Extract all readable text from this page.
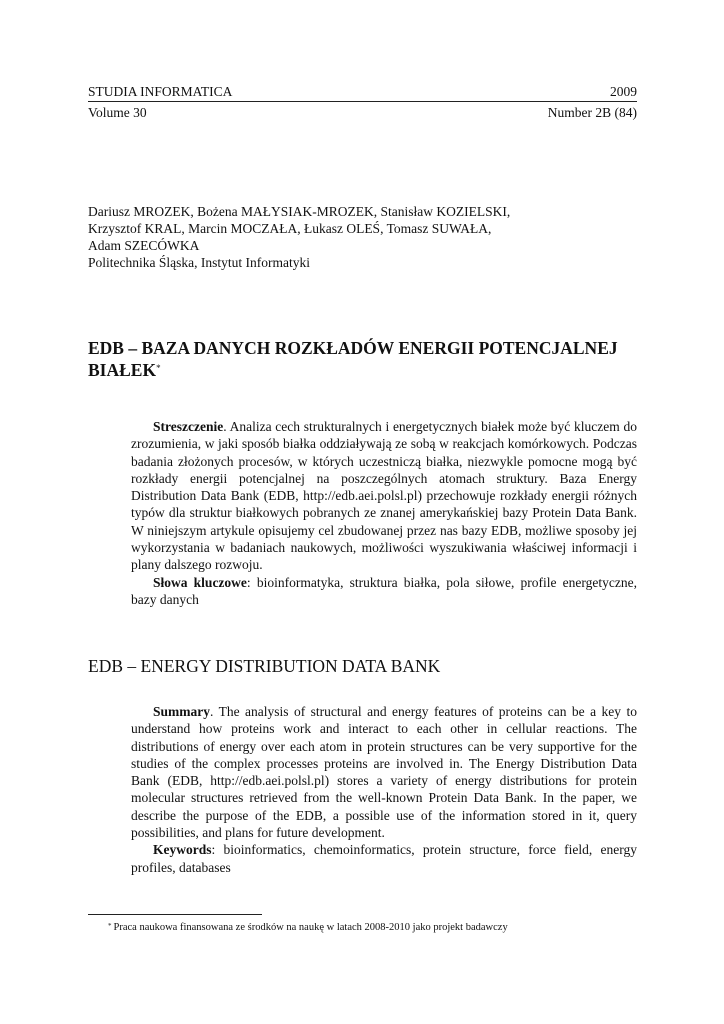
STUDIA INFORMATICA	2009
Volume 30	Number 2B (84)
Dariusz MROZEK, Bożena MAŁYSIAK-MROZEK, Stanisław KOZIELSKI,
Krzysztof KRAL, Marcin MOCZAŁA, Łukasz OLEŚ, Tomasz SUWAŁA,
Adam SZECÓWKA
Politechnika Śląska, Instytut Informatyki
EDB – BAZA DANYCH ROZKŁADÓW ENERGII POTENCJALNEJ BIAŁEK*

Streszczenie. Analiza cech strukturalnych i energetycznych białek może być kluczem do zrozumienia, w jaki sposób białka oddziaływają ze sobą w reakcjach komórkowych. Podczas badania złożonych procesów, w których uczestniczą białka, niezwykle pomocne mogą być rozkłady energii potencjalnej na poszczególnych atomach struktury. Baza Energy Distribution Data Bank (EDB, http://edb.aei.polsl.pl) przechowuje rozkłady energii różnych typów dla struktur białkowych pobranych ze znanej amerykańskiej bazy Protein Data Bank. W niniejszym artykule opisujemy cel zbudowanej przez nas bazy EDB, możliwe sposoby jej wykorzystania w badaniach naukowych, możliwości wyszukiwania właściwej informacji i plany dalszego rozwoju.

Słowa kluczowe: bioinformatyka, struktura białka, pola siłowe, profile energetyczne, bazy danych

EDB – ENERGY DISTRIBUTION DATA BANK

Summary. The analysis of structural and energy features of proteins can be a key to understand how proteins work and interact to each other in cellular reactions. The distributions of energy over each atom in protein structures can be very supportive for the studies of the complex processes proteins are involved in. The Energy Distribution Data Bank (EDB, http://edb.aei.polsl.pl) stores a variety of energy distributions for protein molecular structures retrieved from the well-known Protein Data Bank. In the paper, we describe the purpose of the EDB, a possible use of the information stored in it, query possibilities, and plans for future development.

Keywords: bioinformatics, chemoinformatics, protein structure, force field, energy profiles, databases

* Praca naukowa finansowana ze środków na naukę w latach 2008-2010 jako projekt badawczy
